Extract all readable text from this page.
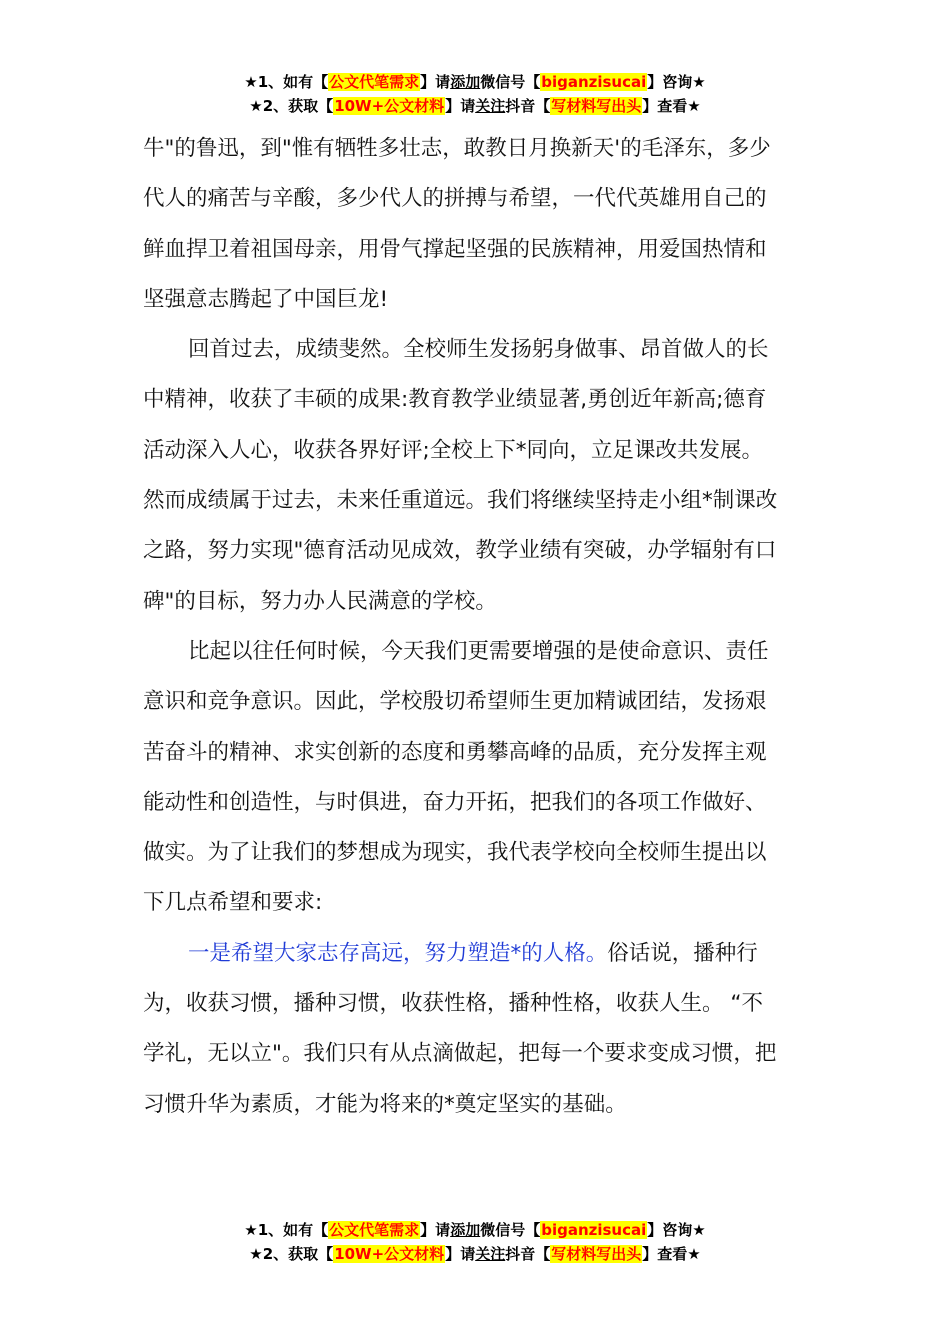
★1、如有【公文代笔需求】请添加微信号【biganzisucai】咨询★
★2、获取【10W+公文材料】请关注抖音【写材料写出头】查看★
牛"的鲁迅，到"惟有牺牲多壮志，敢教日月换新天'的毛泽东，多少
代人的痛苦与辛酸，多少代人的拼搏与希望，一代代英雄用自己的
鲜血捍卫着祖国母亲，用骨气撑起坚强的民族精神，用爱国热情和
坚强意志腾起了中国巨龙!
回首过去，成绩斐然。全校师生发扬躬身做事、昂首做人的长
中精神，收获了丰硕的成果:教育教学业绩显著,勇创近年新高;德育
活动深入人心，收获各界好评;全校上下*同向，立足课改共发展。
然而成绩属于过去，未来任重道远。我们将继续坚持走小组*制课改
之路，努力实现"德育活动见成效，教学业绩有突破，办学辐射有口
碑"的目标，努力办人民满意的学校。
比起以往任何时候，今天我们更需要增强的是使命意识、责任
意识和竞争意识。因此，学校殷切希望师生更加精诚团结，发扬艰
苦奋斗的精神、求实创新的态度和勇攀高峰的品质，充分发挥主观
能动性和创造性，与时俱进，奋力开拓，把我们的各项工作做好、
做实。为了让我们的梦想成为现实，我代表学校向全校师生提出以
下几点希望和要求:
一是希望大家志存高远，努力塑造*的人格。俗话说，播种行
为，收获习惯，播种习惯，收获性格，播种性格，收获人生。 “不
学礼，无以立"。我们只有从点滴做起，把每一个要求变成习惯，把
习惯升华为素质，才能为将来的*奠定坚实的基础。
★1、如有【公文代笔需求】请添加微信号【biganzisucai】咨询★
★2、获取【10W+公文材料】请关注抖音【写材料写出头】查看★
